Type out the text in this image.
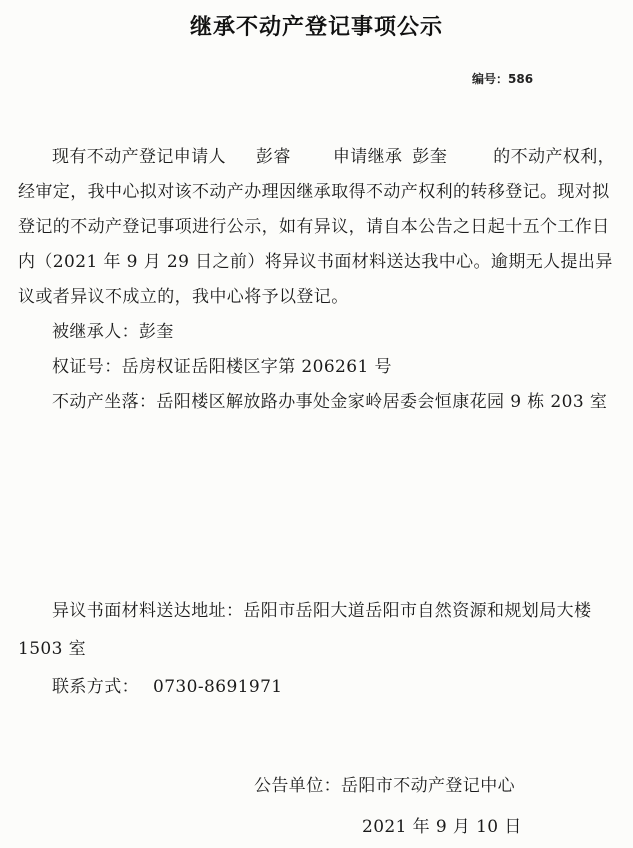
继承不动产登记事项公示
编号：586

现有不动产登记申请人 彭睿 申请继承 彭奎	的不动产权利，经审定，我中心拟对该不动产办理因继承取得不动产权利的转移登记。现对拟登记的不动产登记事项进行公示，如有异议，请自本公告之日起十五个工作日内（2021 年 9 月 29 日之前）将异议书面材料送达我中心。逾期无人提出异议或者异议不成立的，我中心将予以登记。

被继承人：彭奎

权证号：岳房权证岳阳楼区字第 206261 号

不动产坐落：岳阳楼区解放路办事处金家岭居委会恒康花园 9 栋 203 室

异议书面材料送达地址：岳阳市岳阳大道岳阳市自然资源和规划局大楼 1503 室

联系方式： 0730-8691971

公告单位：岳阳市不动产登记中心

2021 年 9 月 10 日
